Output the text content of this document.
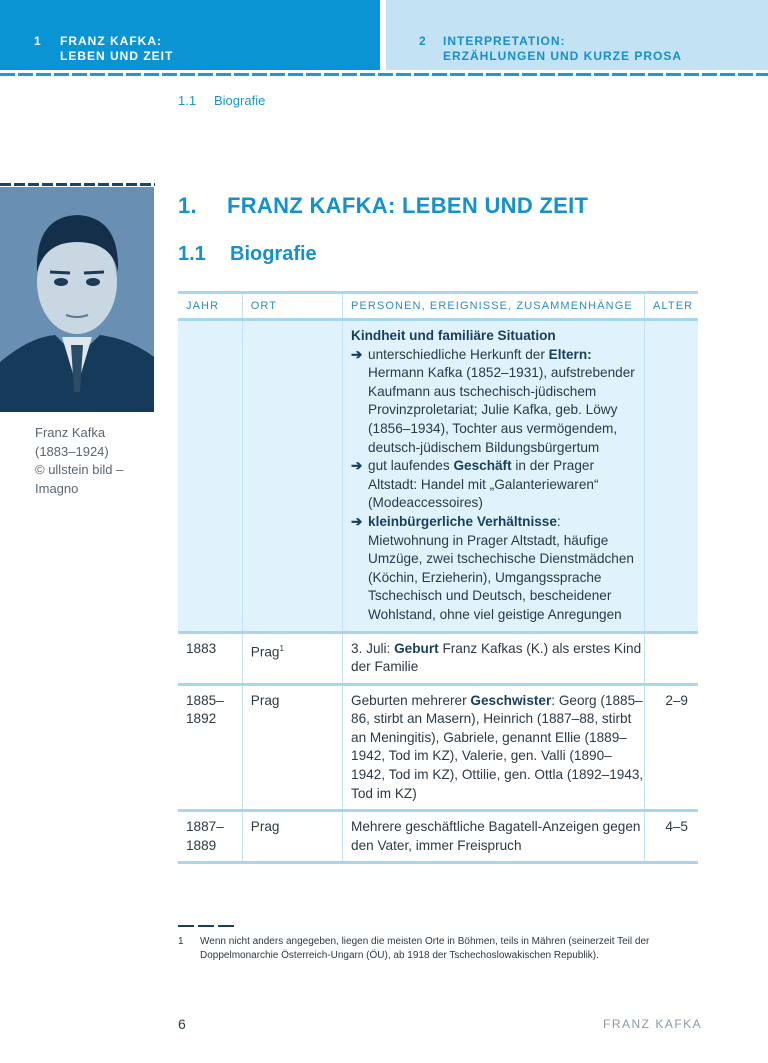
1 FRANZ KAFKA:
LEBEN UND ZEIT
2 INTERPRETATION:
ERZÄHLUNGEN UND KURZE PROSA
1.1 Biografie
Franz Kafka
(1883–1924)
© ullstein bild –
Imagno
1. FRANZ KAFKA: LEBEN UND ZEIT
1.1 Biografie
JAHR	ORT	PERSONEN, EREIGNISSE, ZUSAMMENHÄNGE	ALTER

Kindheit und familiäre Situation
➔ unterschiedliche Herkunft der Eltern: Hermann Kafka (1852–1931), aufstrebender Kaufmann aus tschechisch-jüdischem Provinzproletariat; Julie Kafka, geb. Löwy (1856–1934), Tochter aus vermögendem, deutsch-jüdischem Bildungsbürgertum
➔ gut laufendes Geschäft in der Prager Altstadt: Handel mit „Galanteriewaren“ (Modeaccessoires)
➔ kleinbürgerliche Verhältnisse: Mietwohnung in Prager Altstadt, häufige Umzüge, zwei tschechische Dienstmädchen (Köchin, Erzieherin), Umgangssprache Tschechisch und Deutsch, bescheidener Wohlstand, ohne viel geistige Anregungen

1883	Prag$^1$	3. Juli: Geburt Franz Kafkas (K.) als erstes Kind der Familie	
1885–
1892	Prag	Geburten mehrerer Geschwister: Georg (1885–86, stirbt an Masern), Heinrich (1887–88, stirbt an Meningitis), Gabriele, genannt Ellie (1889–1942, Tod im KZ), Valerie, gen. Valli (1890–1942, Tod im KZ), Ottilie, gen. Ottla (1892–1943, Tod im KZ)	2–9
1887–
1889	Prag	Mehrere geschäftliche Bagatell-Anzeigen gegen den Vater, immer Freispruch	4–5
1 Wenn nicht anders angegeben, liegen die meisten Orte in Böhmen, teils in Mähren (seinerzeit Teil der Doppelmonarchie Österreich-Ungarn (ÖU), ab 1918 der Tschechoslowakischen Republik).
6	FRANZ KAFKA
